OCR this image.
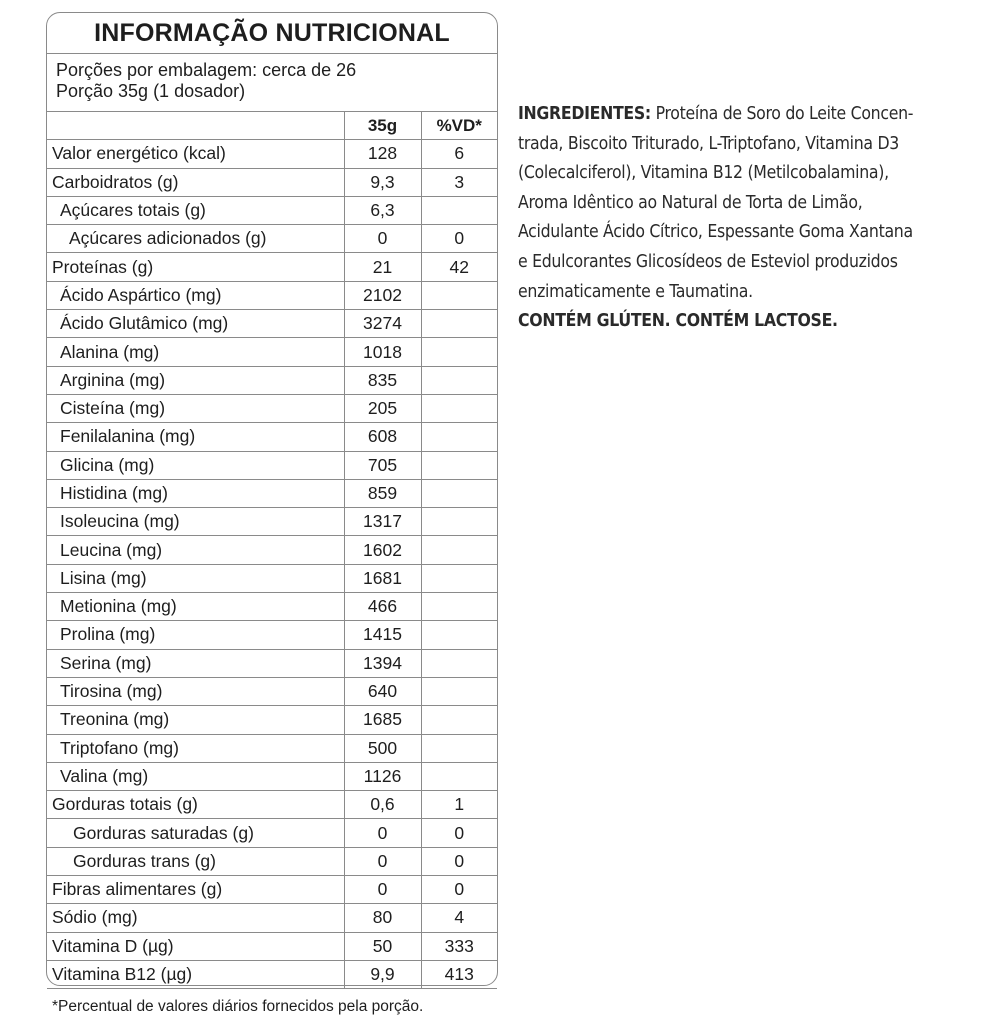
INFORMAÇÃO NUTRICIONAL
Porções por embalagem: cerca de 26
Porção 35g (1 dosador)
	35g	%VD*
Valor energético (kcal)	128	6
Carboidratos (g)	9,3	3
Açúcares totais (g)	6,3	
Açúcares adicionados (g)	0	0
Proteínas (g)	21	42
Ácido Aspártico (mg)	2102	
Ácido Glutâmico (mg)	3274	
Alanina (mg)	1018	
Arginina (mg)	835	
Cisteína (mg)	205	
Fenilalanina (mg)	608	
Glicina (mg)	705	
Histidina (mg)	859	
Isoleucina (mg)	1317	
Leucina (mg)	1602	
Lisina (mg)	1681	
Metionina (mg)	466	
Prolina (mg)	1415	
Serina (mg)	1394	
Tirosina (mg)	640	
Treonina (mg)	1685	
Triptofano (mg)	500	
Valina (mg)	1126	
Gorduras totais (g)	0,6	1
Gorduras saturadas (g)	0	0
Gorduras trans (g)	0	0
Fibras alimentares (g)	0	0
Sódio (mg)	80	4
Vitamina D (µg)	50	333
Vitamina B12 (µg)	9,9	413
*Percentual de valores diários fornecidos pela porção.
INGREDIENTES: Proteína de Soro do Leite Concen-
trada, Biscoito Triturado, L-Triptofano, Vitamina D3
(Colecalciferol), Vitamina B12 (Metilcobalamina),
Aroma Idêntico ao Natural de Torta de Limão,
Acidulante Ácido Cítrico, Espessante Goma Xantana
e Edulcorantes Glicosídeos de Esteviol produzidos
enzimaticamente e Taumatina.
CONTÉM GLÚTEN. CONTÉM LACTOSE.
